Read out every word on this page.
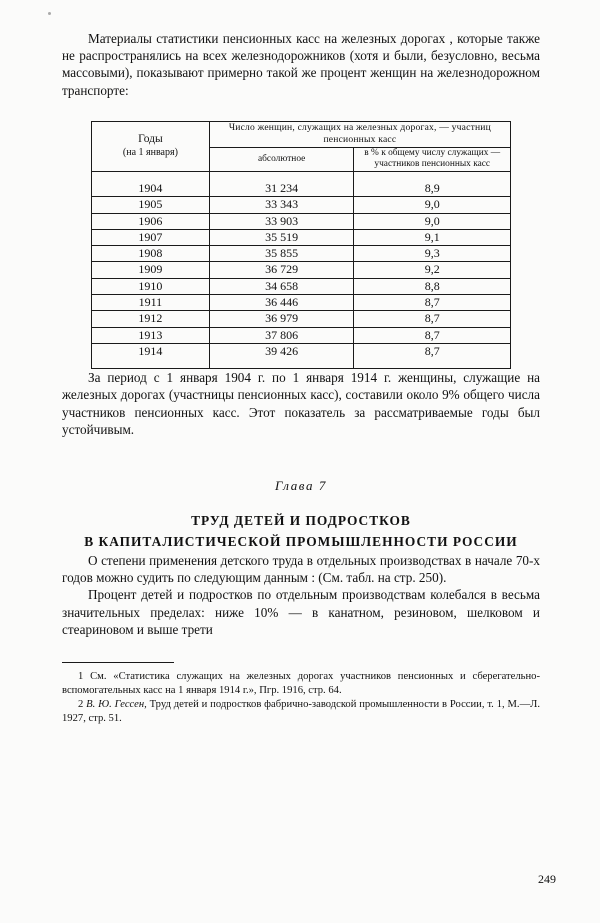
Материалы статистики пенсионных касс на железных дорогах , которые также не распространялись на всех железнодорожников (хотя и были, безусловно, весьма массовыми), показывают примерно такой же процент женщин на железнодорожном транспорте:

Годы
(на 1 января)	Число женщин, служащих на железных дорогах, — участниц пенсионных касс	
	абсолютное	в % к общему числу служащих — участников пенсионных касс
1904	31 234	8,9
1905	33 343	9,0
1906	33 903	9,0
1907	35 519	9,1
1908	35 855	9,3
1909	36 729	9,2
1910	34 658	8,8
1911	36 446	8,7
1912	36 979	8,7
1913	37 806	8,7
1914	39 426	8,7

За период с 1 января 1904 г. по 1 января 1914 г. женщины, служащие на железных дорогах (участницы пенсионных касс), составили около 9% общего числа участников пенсионных касс. Этот показатель за рассматриваемые годы был устойчивым.

Глава 7
ТРУД ДЕТЕЙ И ПОДРОСТКОВ
В КАПИТАЛИСТИЧЕСКОЙ ПРОМЫШЛЕННОСТИ РОССИИ

О степени применения детского труда в отдельных производствах в начале 70-х годов можно судить по следующим данным : (См. табл. на стр. 250).

Процент детей и подростков по отдельным производствам колебался в весьма значительных пределах: ниже 10% — в канатном, резиновом, шелковом и стеариновом и выше трети

1 См. «Статистика служащих на железных дорогах участников пенсионных и сберегательно-вспомогательных касс на 1 января 1914 г.», Пгр. 1916, стр. 64.

2 В. Ю. Гессен, Труд детей и подростков фабрично-заводской промышленности в России, т. 1, М.—Л. 1927, стр. 51.

249
